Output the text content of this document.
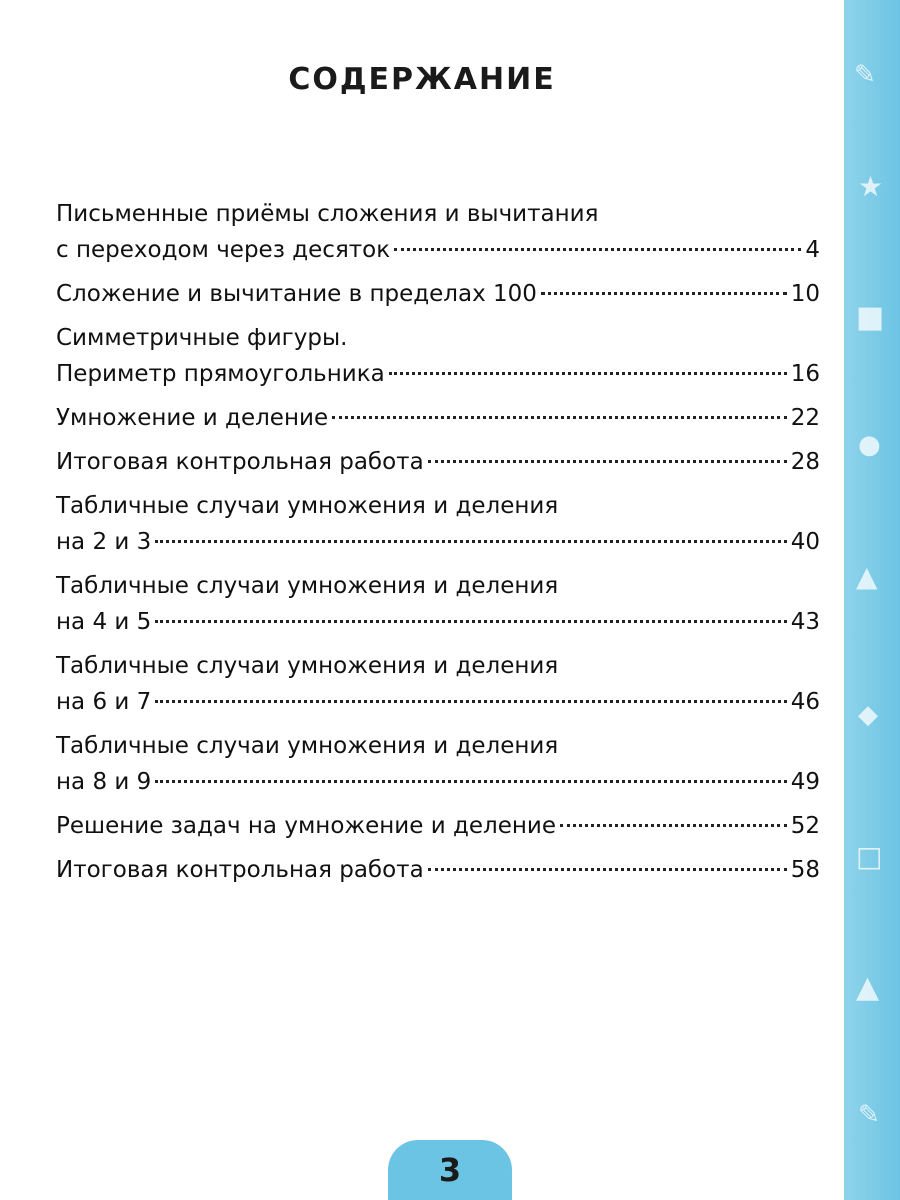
✎
★
■
●
▲
◆
□
▲
✎
СОДЕРЖАНИЕ
Письменные приёмы сложения и вычитания
с переходом через десяток	4
Сложение и вычитание в пределах 100	10
Симметричные фигуры.
Периметр прямоугольника	16
Умножение и деление	22
Итоговая контрольная работа	28
Табличные случаи умножения и деления
на 2 и 3	40
Табличные случаи умножения и деления
на 4 и 5	43
Табличные случаи умножения и деления
на 6 и 7	46
Табличные случаи умножения и деления
на 8 и 9	49
Решение задач на умножение и деление	52
Итоговая контрольная работа	58
3
